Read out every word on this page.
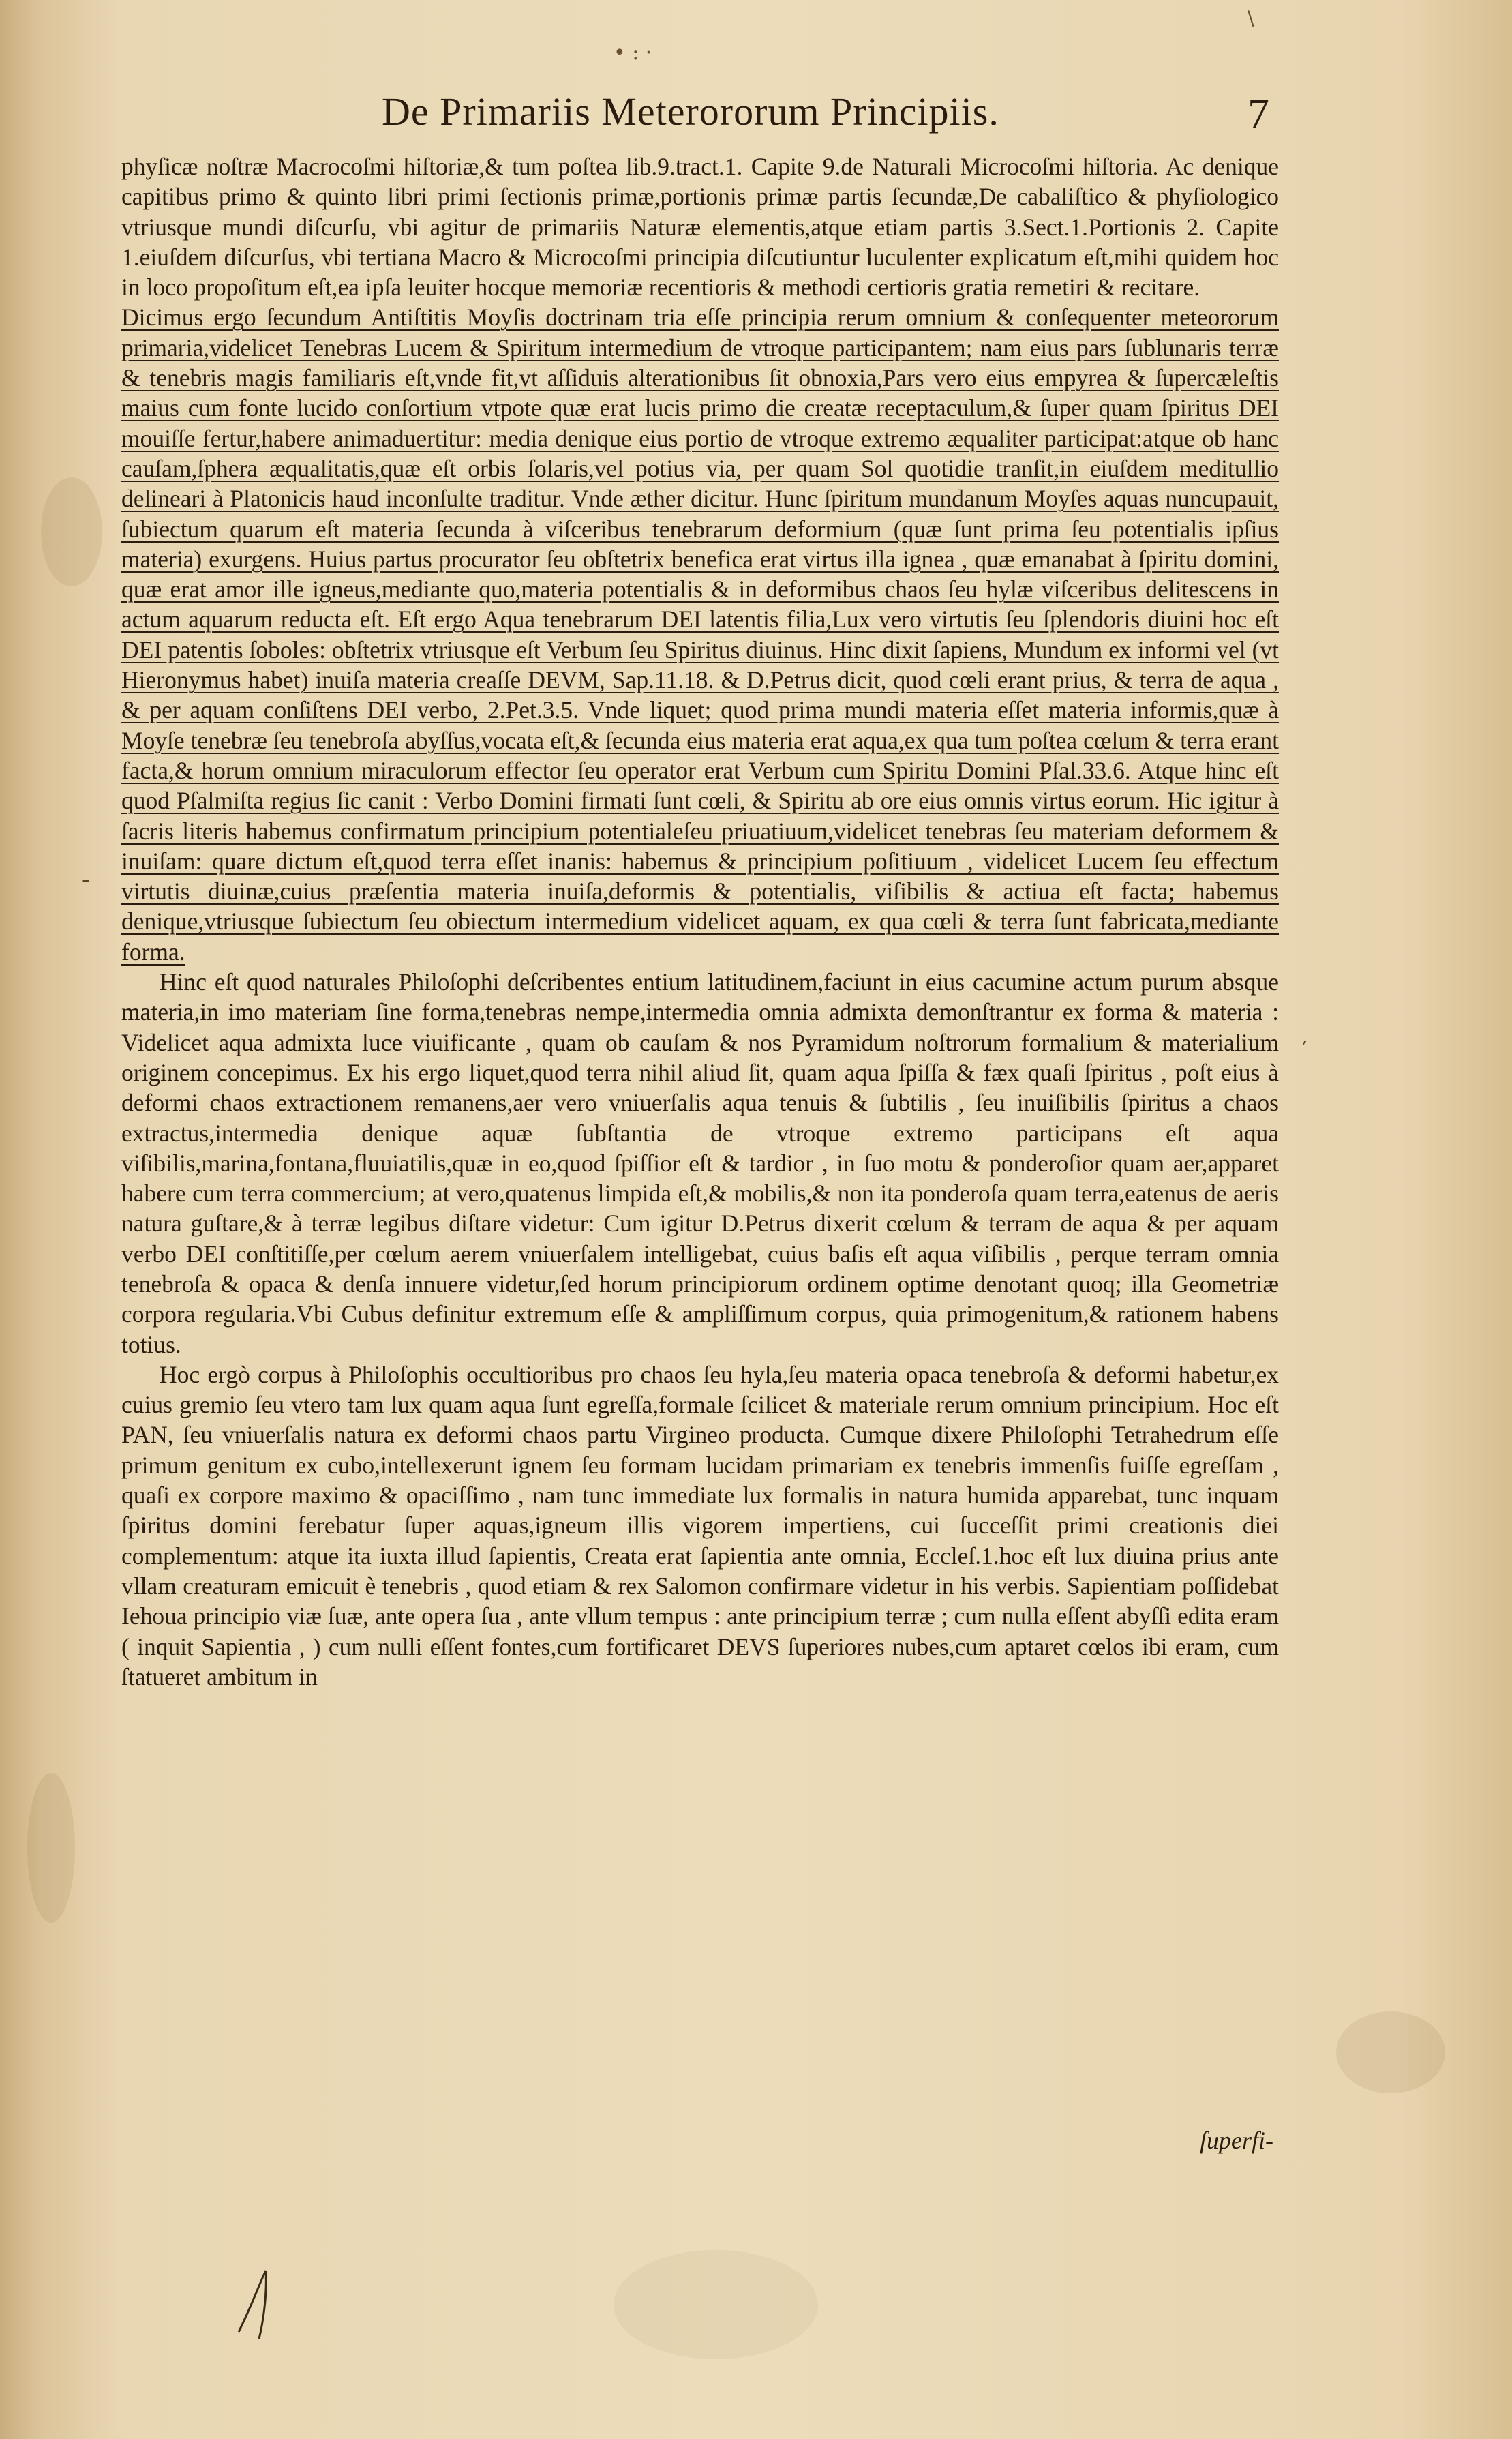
• : ·
\
De Primariis Meterororum Principiis.	7
‑
′

phyſicæ noſtræ Macrocoſmi hiſtoriæ,& tum poſtea lib.9.tract.1. Capite 9.de Naturali Microcoſmi hiſtoria. Ac denique capitibus primo & quinto libri primi ſectionis primæ,portionis primæ partis ſecundæ,De cabaliſtico & phyſiologico vtriusque mundi diſcurſu, vbi agitur de primariis Naturæ elementis,atque etiam partis 3.Sect.1.Portionis 2. Capite 1.eiuſdem diſcurſus, vbi tertiana Macro & Microcoſmi principia diſcutiuntur luculenter explicatum eſt,mihi quidem hoc in loco propoſitum eſt,ea ipſa leuiter hocque memoriæ recentioris & methodi certioris gratia remetiri & recitare.

Dicimus ergo ſecundum Antiſtitis Moyſis doctrinam tria eſſe principia rerum omnium & conſequenter meteororum primaria,videlicet Tenebras Lucem & Spiritum intermedium de vtroque participantem; nam eius pars ſublunaris terræ & tenebris magis familiaris eſt,vnde fit,vt aſſiduis alterationibus ſit obnoxia,Pars vero eius empyrea & ſupercæleſtis maius cum fonte lucido conſortium vtpote quæ erat lucis primo die creatæ receptaculum,& ſuper quam ſpiritus DEI mouiſſe fertur,habere animaduertitur: media denique eius portio de vtroque extremo æqualiter participat:atque ob hanc cauſam,ſphera æqualitatis,quæ eſt orbis ſolaris,vel potius via, per quam Sol quotidie tranſit,in eiuſdem meditullio delineari à Platonicis haud inconſulte traditur. Vnde æther dicitur. Hunc ſpiritum mundanum Moyſes aquas nuncupauit, ſubiectum quarum eſt materia ſecunda à viſceribus tenebrarum deformium (quæ ſunt prima ſeu potentialis ipſius materia) exurgens. Huius partus procurator ſeu obſtetrix benefica erat virtus illa ignea , quæ emanabat à ſpiritu domini, quæ erat amor ille igneus,mediante quo,materia potentialis & in deformibus chaos ſeu hylæ viſceribus delitescens in actum aquarum reducta eſt. Eſt ergo Aqua tenebrarum DEI latentis filia,Lux vero virtutis ſeu ſplendoris diuini hoc eſt DEI patentis ſoboles: obſtetrix vtriusque eſt Verbum ſeu Spiritus diuinus. Hinc dixit ſapiens, Mundum ex informi vel (vt Hieronymus habet) inuiſa materia creaſſe DEVM, Sap.11.18. & D.Petrus dicit, quod cœli erant prius, & terra de aqua , & per aquam conſiſtens DEI verbo, 2.Pet.3.5. Vnde liquet; quod prima mundi materia eſſet materia informis,quæ à Moyſe tenebræ ſeu tenebroſa abyſſus,vocata eſt,& ſecunda eius materia erat aqua,ex qua tum poſtea cœlum & terra erant facta,& horum omnium miraculorum effector ſeu operator erat Verbum cum Spiritu Domini Pſal.33.6. Atque hinc eſt quod Pſalmiſta regius ſic canit : Verbo Domini firmati ſunt cœli, & Spiritu ab ore eius omnis virtus eorum. Hic igitur à ſacris literis habemus confirmatum principium potentialeſeu priuatiuum,videlicet tenebras ſeu materiam deformem & inuiſam: quare dictum eſt,quod terra eſſet inanis: habemus & principium poſitiuum , videlicet Lucem ſeu effectum virtutis diuinæ,cuius præſentia materia inuiſa,deformis & potentialis, viſibilis & actiua eſt facta; habemus denique,vtriusque ſubiectum ſeu obiectum intermedium videlicet aquam, ex qua cœli & terra ſunt fabricata,mediante forma.

Hinc eſt quod naturales Philoſophi deſcribentes entium latitudinem,faciunt in eius cacumine actum purum absque materia,in imo materiam ſine forma,tenebras nempe,intermedia omnia admixta demonſtrantur ex forma & materia : Videlicet aqua admixta luce viuificante , quam ob cauſam & nos Pyramidum noſtrorum formalium & materialium originem concepimus. Ex his ergo liquet,quod terra nihil aliud ſit, quam aqua ſpiſſa & fæx quaſi ſpiritus , poſt eius à deformi chaos extractionem remanens,aer vero vniuerſalis aqua tenuis & ſubtilis , ſeu inuiſibilis ſpiritus a chaos extractus,intermedia denique aquæ ſubſtantia de vtroque extremo participans eſt aqua viſibilis,marina,fontana,fluuiatilis,quæ in eo,quod ſpiſſior eſt & tardior , in ſuo motu & ponderoſior quam aer,apparet habere cum terra commercium; at vero,quatenus limpida eſt,& mobilis,& non ita ponderoſa quam terra,eatenus de aeris natura guſtare,& à terræ legibus diſtare videtur: Cum igitur D.Petrus dixerit cœlum & terram de aqua & per aquam verbo DEI conſtitiſſe,per cœlum aerem vniuerſalem intelligebat, cuius baſis eſt aqua viſibilis , perque terram omnia tenebroſa & opaca & denſa innuere videtur,ſed horum principiorum ordinem optime denotant quoq; illa Geometriæ corpora regularia.Vbi Cubus definitur extremum eſſe & ampliſſimum corpus, quia primogenitum,& rationem habens totius.

Hoc ergò corpus à Philoſophis occultioribus pro chaos ſeu hyla,ſeu materia opaca tenebroſa & deformi habetur,ex cuius gremio ſeu vtero tam lux quam aqua ſunt egreſſa,formale ſcilicet & materiale rerum omnium principium. Hoc eſt PAN, ſeu vniuerſalis natura ex deformi chaos partu Virgineo producta. Cumque dixere Philoſophi Tetrahedrum eſſe primum genitum ex cubo,intellexerunt ignem ſeu formam lucidam primariam ex tenebris immenſis fuiſſe egreſſam , quaſi ex corpore maximo & opaciſſimo , nam tunc immediate lux formalis in natura humida apparebat, tunc inquam ſpiritus domini ferebatur ſuper aquas,igneum illis vigorem impertiens, cui ſucceſſit primi creationis diei complementum: atque ita iuxta illud ſapientis, Creata erat ſapientia ante omnia, Eccleſ.1.hoc eſt lux diuina prius ante vllam creaturam emicuit è tenebris , quod etiam & rex Salomon confirmare videtur in his verbis. Sapientiam poſſidebat Iehoua principio viæ ſuæ, ante opera ſua , ante vllum tempus : ante principium terræ ; cum nulla eſſent abyſſi edita eram ( inquit Sapientia , ) cum nulli eſſent fontes,cum fortificaret DEVS ſuperiores nubes,cum aptaret cœlos ibi eram, cum ſtatueret ambitum in

ſuperfi-
